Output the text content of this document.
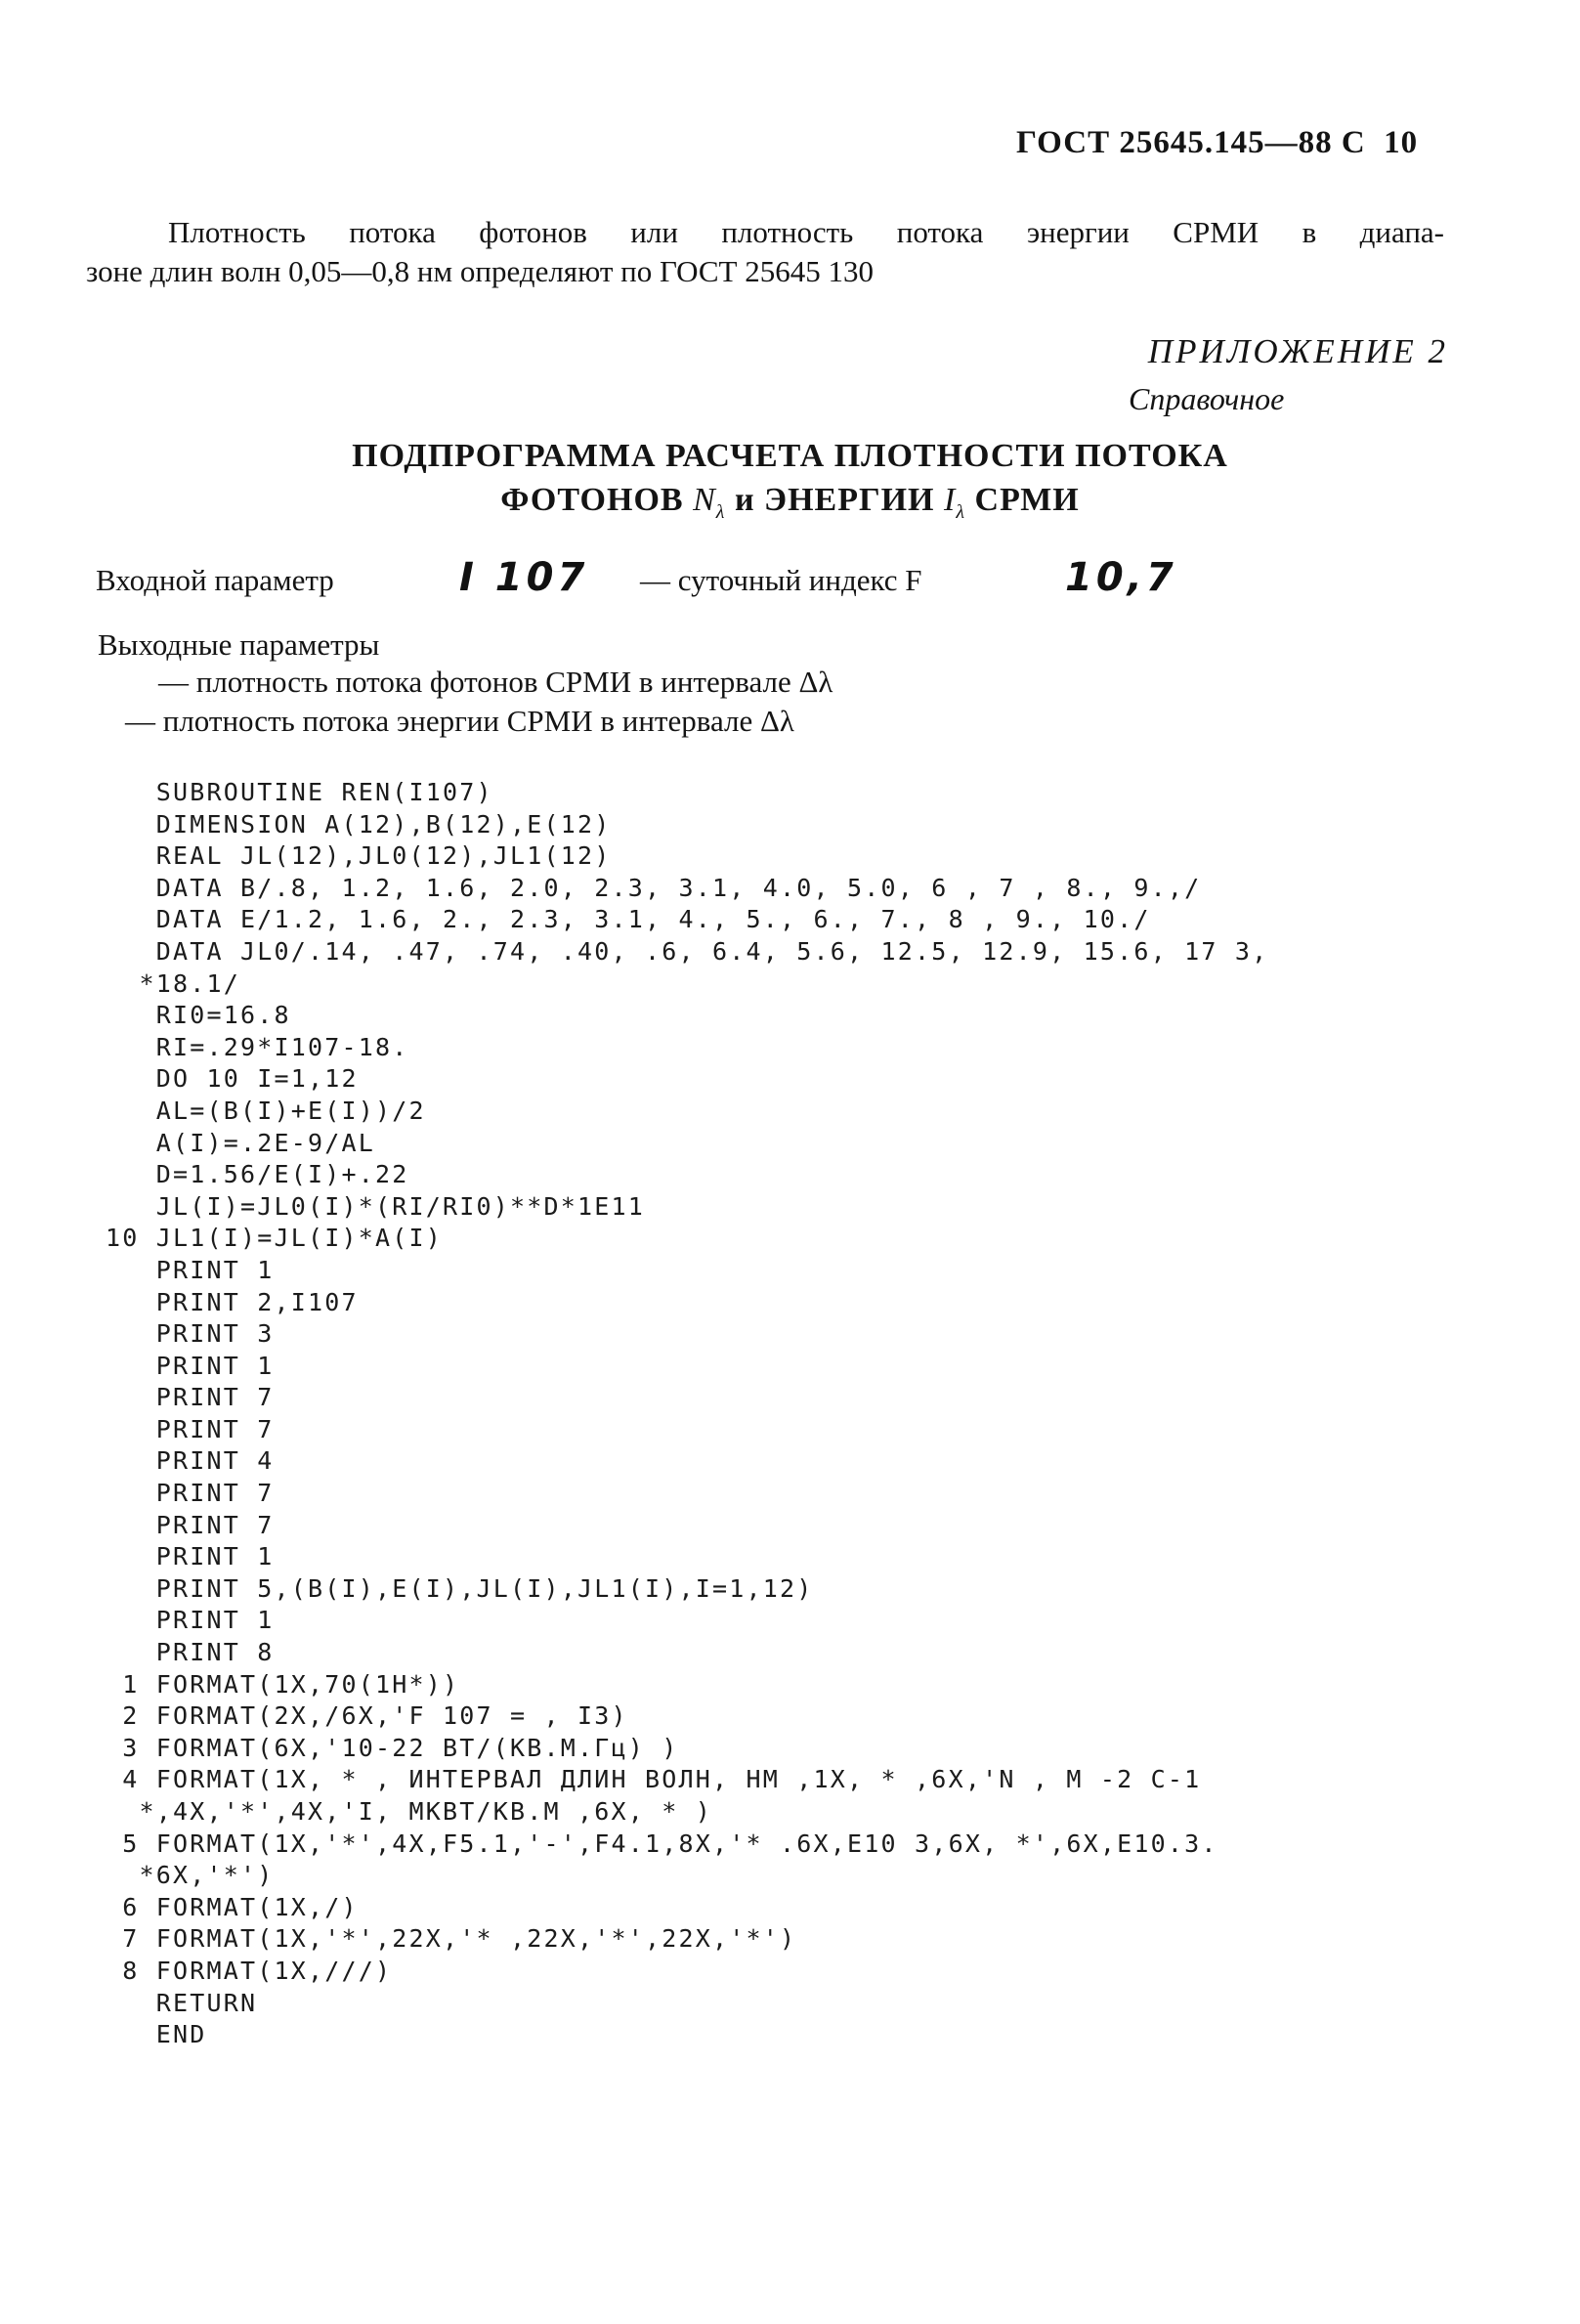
ГОСТ 25645.145—88 С  10
Плотность потока фотонов или плотность потока энергии СРМИ в диапа-
зоне длин волн 0,05—0,8 нм определяют по ГОСТ 25645 130
ПРИЛОЖЕНИЕ 2
Справочное
ПОДПРОГРАММА РАСЧЕТА ПЛОТНОСТИ ПОТОКА
ФОТОНОВ $N_\lambda$ и ЭНЕРГИИ $I_\lambda$ СРМИ
Входной параметр	I 107 — суточный индекс F	10,7
Выходные параметры
— плотность потока фотонов СРМИ в интервале Δλ
— плотность потока энергии СРМИ в интервале Δλ
SUBROUTINE REN(I107)
DIMENSION A(12),B(12),E(12)
REAL JL(12),JL0(12),JL1(12)
DATA B/.8, 1.2, 1.6, 2.0, 2.3, 3.1, 4.0, 5.0, 6 , 7 , 8., 9.,/
DATA E/1.2, 1.6, 2., 2.3, 3.1, 4., 5., 6., 7., 8 , 9., 10./
DATA JL0/.14, .47, .74, .40, .6, 6.4, 5.6, 12.5, 12.9, 15.6, 17 3,
*18.1/
RI0=16.8
RI=.29*I107-18.
DO 10 I=1,12
AL=(B(I)+E(I))/2
A(I)=.2E-9/AL
D=1.56/E(I)+.22
JL(I)=JL0(I)*(RI/RI0)**D*1E11
10 JL1(I)=JL(I)*A(I)
PRINT 1
PRINT 2,I107
PRINT 3
PRINT 1
PRINT 7
PRINT 7
PRINT 4
PRINT 7
PRINT 7
PRINT 1
PRINT 5,(B(I),E(I),JL(I),JL1(I),I=1,12)
PRINT 1
PRINT 8
1 FORMAT(1X,70(1H*))
2 FORMAT(2X,/6X,'F 107 = , I3)
3 FORMAT(6X,'10-22 ВТ/(КВ.М.Гц) )
4 FORMAT(1X, * , ИНТЕРВАЛ ДЛИН ВОЛН, НМ ,1X, * ,6X,'N , М -2 С-1
*,4X,'*',4X,'I, МКВТ/КВ.М ,6X, * )
5 FORMAT(1X,'*',4X,F5.1,'-',F4.1,8X,'* .6X,E10 3,6X, *',6X,E10.3.
*6X,'*')
6 FORMAT(1X,/)
7 FORMAT(1X,'*',22X,'* ,22X,'*',22X,'*')
8 FORMAT(1X,///)
RETURN
END
